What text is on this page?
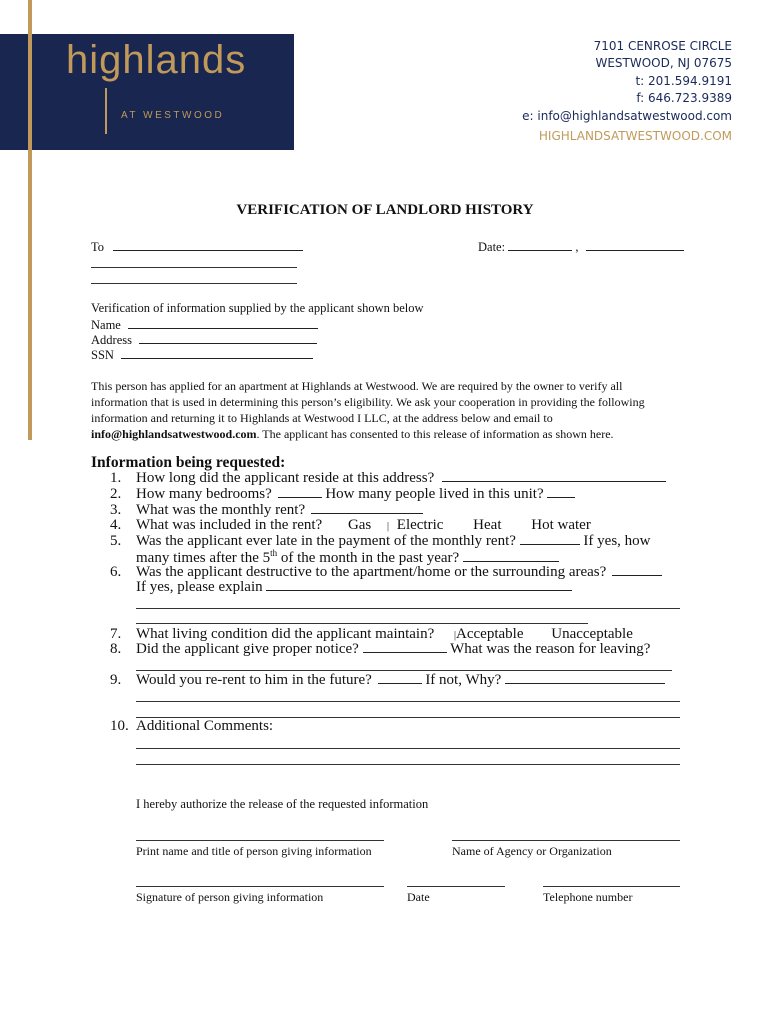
highlands
AT WESTWOOD
7101 CENROSE CIRCLE
WESTWOOD, NJ 07675
t: 201.594.9191
f: 646.723.9389
e: info@highlandsatwestwood.com
HIGHLANDSATWESTWOOD.COM
VERIFICATION OF LANDLORD HISTORY
To	Date:	,
Verification of information supplied by the applicant shown below
Name
Address
SSN
This person has applied for an apartment at Highlands at Westwood. We are required by the owner to verify all information that is used in determining this person’s eligibility. We ask your cooperation in providing the following information and returning it to Highlands at Westwood I LLC, at the address below and email to info@highlandsatwestwood.com. The applicant has consented to this release of information as shown here.
Information being requested:
1. How long did the applicant reside at this address?
2. How many bedrooms?	How many people lived in this unit?
3. What was the monthly rent?
4. What was included in the rent? Gas | Electric Heat Hot water
5. Was the applicant ever late in the payment of the monthly rent?	If yes, how
many times after the 5th of the month in the past year?
6. Was the applicant destructive to the apartment/home or the surrounding areas?
If yes, please explain
7. What living condition did the applicant maintain? |Acceptable Unacceptable
8. Did the applicant give proper notice?	What was the reason for leaving?
9. Would you re-rent to him in the future?	If not, Why?
10. Additional Comments:
I hereby authorize the release of the requested information
Print name and title of person giving information	Name of Agency or Organization
Signature of person giving information	Date	Telephone number
